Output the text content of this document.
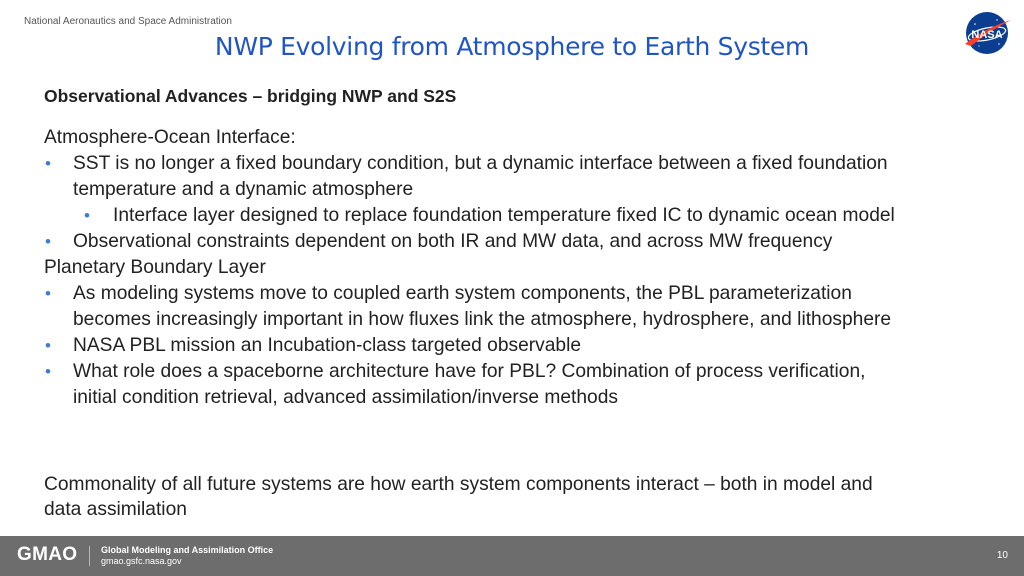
National Aeronautics and Space Administration
NWP Evolving from Atmosphere to Earth System	NASA
Observational Advances – bridging NWP and S2S
Atmosphere-Ocean Interface:
• SST is no longer a fixed boundary condition, but a dynamic interface between a fixed foundation
temperature and a dynamic atmosphere
• Interface layer designed to replace foundation temperature fixed IC to dynamic ocean model
• Observational constraints dependent on both IR and MW data, and across MW frequency
Planetary Boundary Layer
• As modeling systems move to coupled earth system components, the PBL parameterization
becomes increasingly important in how fluxes link the atmosphere, hydrosphere, and lithosphere
• NASA PBL mission an Incubation-class targeted observable
• What role does a spaceborne architecture have for PBL? Combination of process verification,
initial condition retrieval, advanced assimilation/inverse methods
Commonality of all future systems are how earth system components interact – both in model and
data assimilation
GMAO	Global Modeling and Assimilation Office
gmao.gsfc.nasa.gov	10
